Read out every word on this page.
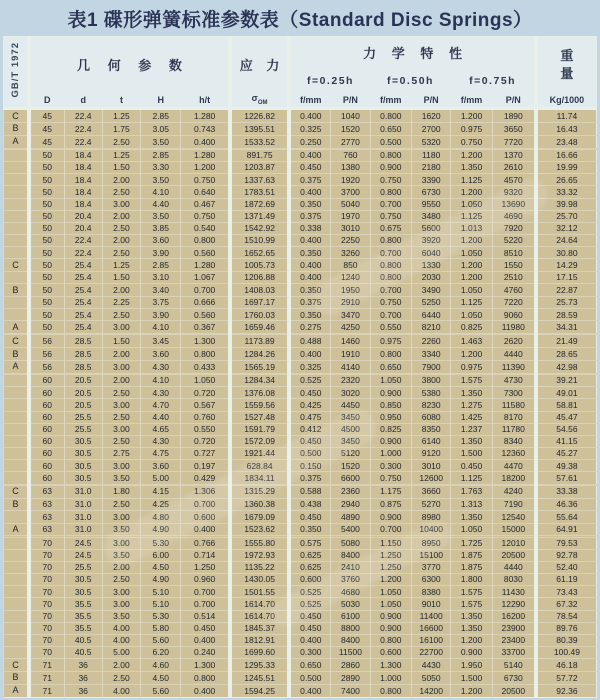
表1 碟形弹簧标准参数表（Standard Disc Springs）
GB/T 1972	几 何 参 数					应 力	力 学 特 性						重
量

							f=0.25h		f=0.50h		f=0.75h		
	D	d	t	H	h/t	$\sigma_{OM}$	f/mm	P/N	f/mm	P/N	f/mm	P/N	Kg/1000
C	45	22.4	1.25	2.85	1.280	1226.82	0.400	1040	0.800	1620	1.200	1890	11.74
B	45	22.4	1.75	3.05	0.743	1395.51	0.325	1520	0.650	2700	0.975	3650	16.43
A	45	22.4	2.50	3.50	0.400	1533.52	0.250	2770	0.500	5320	0.750	7720	23.48

	50	18.4	1.25	2.85	1.280	891.75	0.400	760	0.800	1180	1.200	1370	16.66
	50	18.4	1.50	3.30	1.200	1203.87	0.450	1380	0.900	2180	1.350	2610	19.99
	50	18.4	2.00	3.50	0.750	1337.63	0.375	1920	0.750	3390	1.125	4570	26.65
	50	18.4	2.50	4.10	0.640	1783.51	0.400	3700	0.800	6730	1.200	9320	33.32
	50	18.4	3.00	4.40	0.467	1872.69	0.350	5040	0.700	9550	1.050	13690	39.98
	50	20.4	2.00	3.50	0.750	1371.49	0.375	1970	0.750	3480	1.125	4690	25.70
	50	20.4	2.50	3.85	0.540	1542.92	0.338	3010	0.675	5600	1.013	7920	32.12
	50	22.4	2.00	3.60	0.800	1510.99	0.400	2250	0.800	3920	1.200	5220	24.64
	50	22.4	2.50	3.90	0.560	1652.65	0.350	3260	0.700	6040	1.050	8510	30.80
C	50	25.4	1.25	2.85	1.280	1005.73	0.400	850	0.800	1330	1.200	1550	14.29
	50	25.4	1.50	3.10	1.067	1206.88	0.400	1240	0.800	2030	1.200	2510	17.15
B	50	25.4	2.00	3.40	0.700	1408.03	0.350	1950	0.700	3490	1.050	4760	22.87
	50	25.4	2.25	3.75	0.666	1697.17	0.375	2910	0.750	5250	1.125	7220	25.73
	50	25.4	2.50	3.90	0.560	1760.03	0.350	3470	0.700	6440	1.050	9060	28.59
A	50	25.4	3.00	4.10	0.367	1659.46	0.275	4250	0.550	8210	0.825	11980	34.31

C	56	28.5	1.50	3.45	1.300	1173.89	0.488	1460	0.975	2260	1.463	2620	21.49
B	56	28.5	2.00	3.60	0.800	1284.26	0.400	1910	0.800	3340	1.200	4440	28.65
A	56	28.5	3.00	4.30	0.433	1565.19	0.325	4140	0.650	7900	0.975	11390	42.98

	60	20.5	2.00	4.10	1.050	1284.34	0.525	2320	1.050	3800	1.575	4730	39.21
	60	20.5	2.50	4.30	0.720	1376.08	0.450	3020	0.900	5380	1.350	7300	49.01
	60	20.5	3.00	4.70	0.567	1559.56	0.425	4450	0.850	8230	1.275	11580	58.81
	60	25.5	2.50	4.40	0.760	1527.48	0.475	3450	0.950	6080	1.425	8170	45.47
	60	25.5	3.00	4.65	0.550	1591.79	0.412	4500	0.825	8350	1.237	11780	54.56
	60	30.5	2.50	4.30	0.720	1572.09	0.450	3450	0.900	6140	1.350	8340	41.15
	60	30.5	2.75	4.75	0.727	1921.44	0.500	5120	1.000	9120	1.500	12360	45.27
	60	30.5	3.00	3.60	0.197	628.84	0.150	1520	0.300	3010	0.450	4470	49.38
	60	30.5	3.50	5.00	0.429	1834.11	0.375	6600	0.750	12600	1.125	18200	57.61

C	63	31.0	1.80	4.15	1.306	1315.29	0.588	2360	1.175	3660	1.763	4240	33.38
B	63	31.0	2.50	4.25	0.700	1360.38	0.438	2940	0.875	5270	1.313	7190	46.36
	63	31.0	3.00	4.80	0.600	1679.09	0.450	4890	0.900	8980	1.350	12540	55.64
A	63	31.0	3.50	4.90	0.400	1523.62	0.350	5400	0.700	10400	1.050	15000	64.91

	70	24.5	3.00	5.30	0.766	1555.80	0.575	5080	1.150	8950	1.725	12010	79.53
	70	24.5	3.50	6.00	0.714	1972.93	0.625	8400	1.250	15100	1.875	20500	92.78
	70	25.5	2.00	4.50	1.250	1135.22	0.625	2410	1.250	3770	1.875	4440	52.40
	70	30.5	2.50	4.90	0.960	1430.05	0.600	3760	1.200	6300	1.800	8030	61.19
	70	30.5	3.00	5.10	0.700	1501.55	0.525	4680	1.050	8380	1.575	11430	73.43
	70	35.5	3.00	5.10	0.700	1614.70	0.525	5030	1.050	9010	1.575	12290	67.32
	70	35.5	3.50	5.30	0.514	1614.70	0.450	6100	0.900	11400	1.350	16200	78.54
	70	35.5	4.00	5.80	0.450	1845.37	0.450	8800	0.900	16600	1.350	23900	89.76
	70	40.5	4.00	5.60	0.400	1812.91	0.400	8400	0.800	16100	1.200	23400	80.39
	70	40.5	5.00	6.20	0.240	1699.60	0.300	11500	0.600	22700	0.900	33700	100.49
C	71	36	2.00	4.60	1.300	1295.33	0.650	2860	1.300	4430	1.950	5140	46.18
B	71	36	2.50	4.50	0.800	1245.51	0.500	2890	1.000	5050	1.500	6730	57.72
A	71	36	4.00	5.60	0.400	1594.25	0.400	7400	0.800	14200	1.200	20500	92.36
